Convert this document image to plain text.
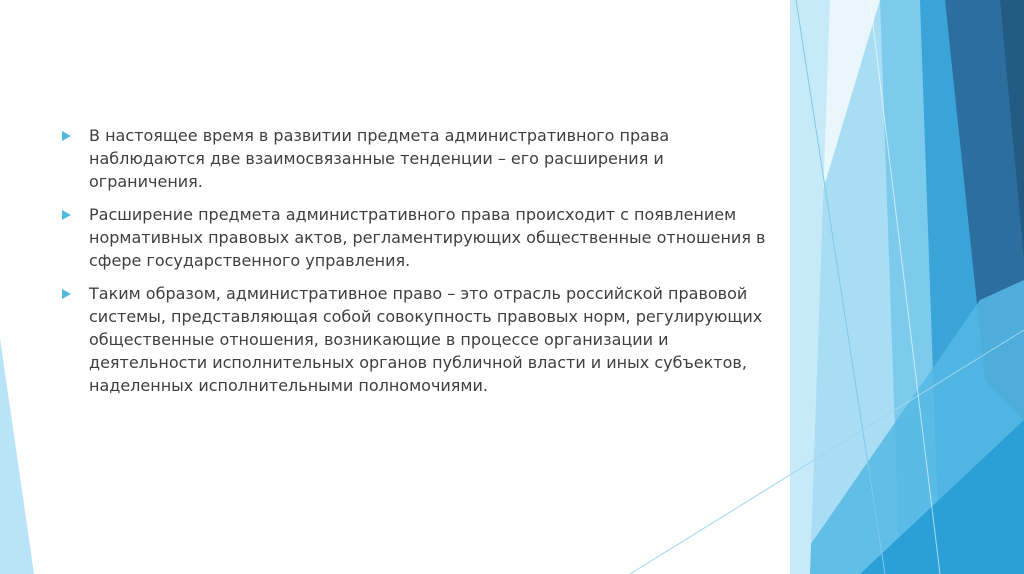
В настоящее время в развитии предмета административного права наблюдаются две взаимосвязанные тенденции – его расширения и ограничения.
Расширение предмета административного права происходит с появлением нормативных правовых актов, регламентирующих общественные отношения в сфере государственного управления.
Таким образом, административное право – это отрасль российской правовой системы, представляющая собой совокупность правовых норм, регулирующих общественные отношения, возникающие в процессе организации и деятельности исполнительных органов публичной власти и иных субъектов, наделенных исполнительными полномочиями.
